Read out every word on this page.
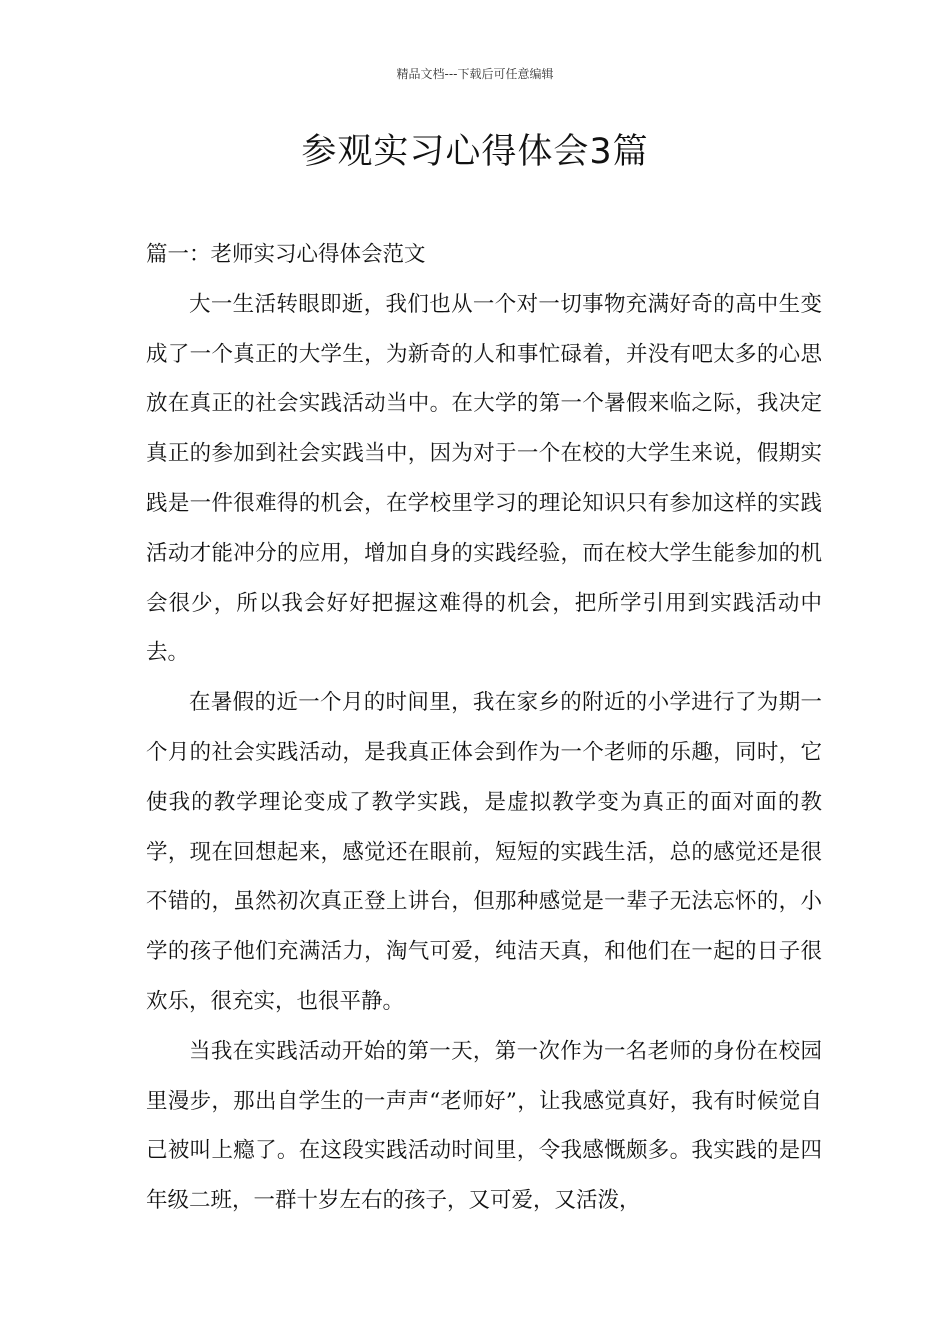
精品文档---下载后可任意编辑
参观实习心得体会3篇

篇一：老师实习心得体会范文

大一生活转眼即逝，我们也从一个对一切事物充满好奇的高中生变成了一个真正的大学生，为新奇的人和事忙碌着，并没有吧太多的心思放在真正的社会实践活动当中。在大学的第一个暑假来临之际，我决定真正的参加到社会实践当中，因为对于一个在校的大学生来说，假期实践是一件很难得的机会，在学校里学习的理论知识只有参加这样的实践活动才能冲分的应用，增加自身的实践经验，而在校大学生能参加的机会很少，所以我会好好把握这难得的机会，把所学引用到实践活动中去。

在暑假的近一个月的时间里，我在家乡的附近的小学进行了为期一个月的社会实践活动，是我真正体会到作为一个老师的乐趣，同时，它使我的教学理论变成了教学实践，是虚拟教学变为真正的面对面的教学，现在回想起来，感觉还在眼前，短短的实践生活，总的感觉还是很不错的，虽然初次真正登上讲台，但那种感觉是一辈子无法忘怀的，小学的孩子他们充满活力，淘气可爱，纯洁天真，和他们在一起的日子很欢乐，很充实，也很平静。

当我在实践活动开始的第一天，第一次作为一名老师的身份在校园里漫步，那出自学生的一声声“老师好”，让我感觉真好，我有时候觉自己被叫上瘾了。在这段实践活动时间里，令我感慨颇多。我实践的是四年级二班，一群十岁左右的孩子，又可爱，又活泼，
